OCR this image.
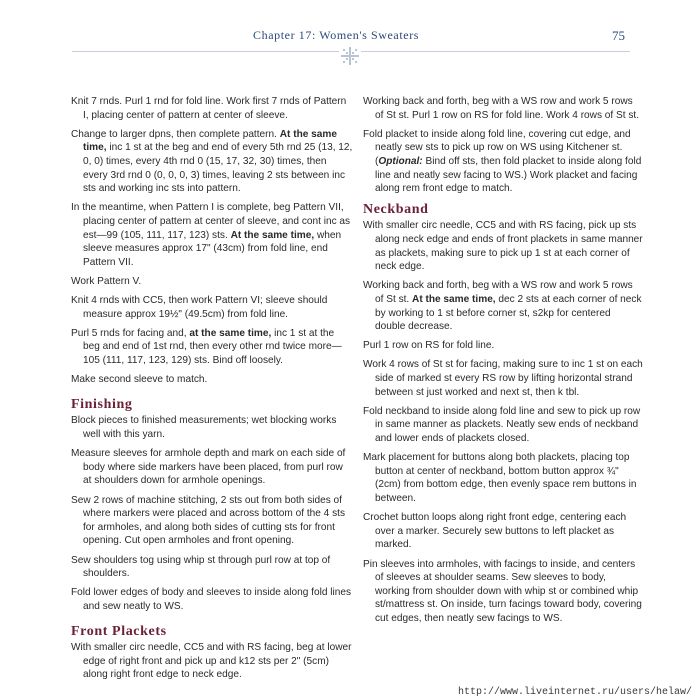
Chapter 17: Women's Sweaters	75

Knit 7 rnds. Purl 1 rnd for fold line. Work first 7 rnds of Pattern I, placing center of pattern at center of sleeve.

Change to larger dpns, then complete pattern. At the same time, inc 1 st at the beg and end of every 5th rnd 25 (13, 12, 0, 0) times, every 4th rnd 0 (15, 17, 32, 30) times, then every 3rd rnd 0 (0, 0, 0, 3) times, leaving 2 sts between inc sts and working inc sts into pattern.

In the meantime, when Pattern I is complete, beg Pattern VII, placing center of pattern at center of sleeve, and cont inc as est—99 (105, 111, 117, 123) sts. At the same time, when sleeve measures approx 17" (43cm) from fold line, end Pattern VII.

Work Pattern V.

Knit 4 rnds with CC5, then work Pattern VI; sleeve should measure approx 19½" (49.5cm) from fold line.

Purl 5 rnds for facing and, at the same time, inc 1 st at the beg and end of 1st rnd, then every other rnd twice more—105 (111, 117, 123, 129) sts. Bind off loosely.

Make second sleeve to match.

Finishing

Block pieces to finished measurements; wet blocking works well with this yarn.

Measure sleeves for armhole depth and mark on each side of body where side markers have been placed, from purl row at shoulders down for armhole openings.

Sew 2 rows of machine stitching, 2 sts out from both sides of where markers were placed and across bottom of the 4 sts for armholes, and along both sides of cutting sts for front opening. Cut open armholes and front opening.

Sew shoulders tog using whip st through purl row at top of shoulders.

Fold lower edges of body and sleeves to inside along fold lines and sew neatly to WS.

Front Plackets

With smaller circ needle, CC5 and with RS facing, beg at lower edge of right front and pick up and k12 sts per 2" (5cm) along right front edge to neck edge.

Working back and forth, beg with a WS row and work 5 rows of St st. Purl 1 row on RS for fold line. Work 4 rows of St st.

Fold placket to inside along fold line, covering cut edge, and neatly sew sts to pick up row on WS using Kitchener st. (Optional: Bind off sts, then fold placket to inside along fold line and neatly sew facing to WS.) Work placket and facing along rem front edge to match.

Neckband

With smaller circ needle, CC5 and with RS facing, pick up sts along neck edge and ends of front plackets in same manner as plackets, making sure to pick up 1 st at each corner of neck edge.

Working back and forth, beg with a WS row and work 5 rows of St st. At the same time, dec 2 sts at each corner of neck by working to 1 st before corner st, s2kp for centered double decrease.

Purl 1 row on RS for fold line.

Work 4 rows of St st for facing, making sure to inc 1 st on each side of marked st every RS row by lifting horizontal strand between st just worked and next st, then k tbl.

Fold neckband to inside along fold line and sew to pick up row in same manner as plackets. Neatly sew ends of neckband and lower ends of plackets closed.

Mark placement for buttons along both plackets, placing top button at center of neckband, bottom button approx ¾" (2cm) from bottom edge, then evenly space rem buttons in between.

Crochet button loops along right front edge, centering each over a marker. Securely sew buttons to left placket as marked.

Pin sleeves into armholes, with facings to inside, and centers of sleeves at shoulder seams. Sew sleeves to body, working from shoulder down with whip st or combined whip st/mattress st. On inside, turn facings toward body, covering cut edges, then neatly sew facings to WS.

http://www.liveinternet.ru/users/helaw/
